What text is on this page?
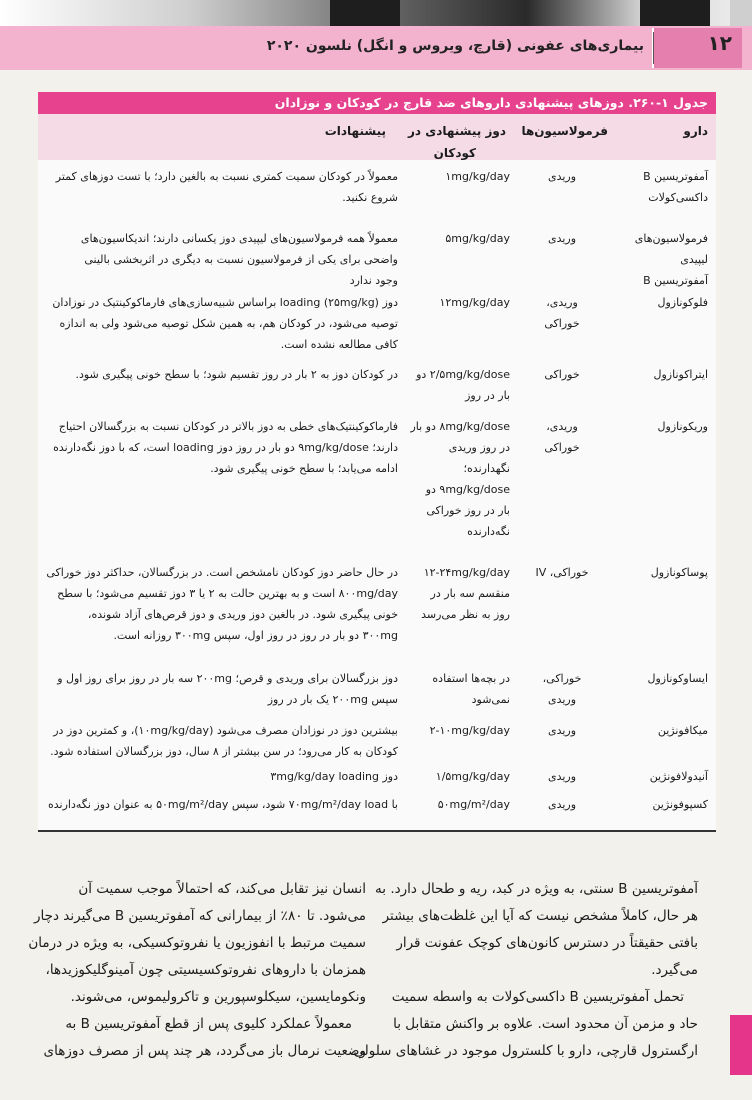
۱۲
بیماری‌های عفونی (قارچ، ویروس و انگل) نلسون ۲۰۲۰
جدول ۱-۲۶۰. دوزهای پیشنهادی داروهای ضد قارچ در کودکان و نوزادان
دارو
فرمولاسیون‌ها
دوز پیشنهادی در
کودکان
پیشنهادات
آمفوتریسین B
داکسی‌کولات
وریدی
۱mg/kg/day
معمولاً در کودکان سمیت کمتری نسبت به بالغین دارد؛ با تست دوزهای کمتر
شروع نکنید.
فرمولاسیون‌های
لیپیدی
آمفوتریسین B
وریدی
۵mg/kg/day
معمولاً همه فرمولاسیون‌های لیپیدی دوز یکسانی دارند؛ اندیکاسیون‌های
واضحی برای یکی از فرمولاسیون نسبت به دیگری در اثربخشی بالینی
وجود ندارد
فلوکونازول
وریدی،
خوراکی
۱۲mg/kg/day
دوز loading (۲۵mg/kg) براساس شبیه‌سازی‌های فارماکوکینتیک در نوزادان
توصیه می‌شود، در کودکان هم، به همین شکل توصیه می‌شود ولی به اندازه
کافی مطالعه نشده است.
ایتراکونازول
خوراکی
۲/۵mg/kg/dose دو
بار در روز
در کودکان دوز به ۲ بار در روز تقسیم شود؛ با سطح خونی پیگیری شود.
وریکونازول
وریدی،
خوراکی
۸mg/kg/dose دو بار
در روز وریدی
نگهدارنده؛
۹mg/kg/dose دو
بار در روز خوراکی
نگه‌دارنده
فارماکوکینتیک‌های خطی به دوز بالاتر در کودکان نسبت به بزرگسالان احتیاج
دارند؛ ۹mg/kg/dose دو بار در روز دوز loading است، که با دوز نگه‌دارنده
ادامه می‌یابد؛ با سطح خونی پیگیری شود.
پوساکونازول
خوراکی، IV
۱۲-۲۴mg/kg/day
منقسم سه بار در
روز به نظر می‌رسد
در حال حاضر دوز کودکان نامشخص است. در بزرگسالان، حداکثر دوز خوراکی
۸۰۰mg/day است و به بهترین حالت به ۲ یا ۳ دوز تقسیم می‌شود؛ با سطح
خونی پیگیری شود. در بالغین دوز وریدی و دوز قرص‌های آزاد شونده،
۳۰۰mg دو بار در روز در روز اول، سپس ۳۰۰mg روزانه است.
ایساوکونازول
خوراکی،
وریدی
در بچه‌ها استفاده
نمی‌شود
دوز بزرگسالان برای وریدی و قرص؛ ۲۰۰mg سه بار در روز برای روز اول و
سپس ۲۰۰mg یک بار در روز
میکافونژین
وریدی
۲-۱۰mg/kg/day
بیشترین دوز در نوزادان مصرف می‌شود (۱۰mg/kg/day)، و کمترین دوز در
کودکان به کار می‌رود؛ در سن بیشتر از ۸ سال، دوز بزرگسالان استفاده شود.
آنیدولافونژین
وریدی
۱/۵mg/kg/day
دوز ۳mg/kg/day loading
کسپوفونژین
وریدی
۵۰mg/m²/day
با ۷۰mg/m²/day load شود، سپس ۵۰mg/m²/day به عنوان دوز نگه‌دارنده
آمفوتریسین B سنتی، به ویژه در کبد، ریه و طحال دارد. به
هر حال، کاملاً مشخص نیست که آیا این غلظت‌های بیشتر
بافتی حقیقتاً در دسترس کانون‌های کوچک عفونت قرار
می‌گیرد.
تحمل آمفوتریسین B داکسی‌کولات به واسطه سمیت
حاد و مزمن آن محدود است. علاوه بر واکنش متقابل با
ارگسترول قارچی، دارو با کلسترول موجود در غشاهای سلولی
انسان نیز تقابل می‌کند، که احتمالاً موجب سمیت آن
می‌شود. تا ۸۰٪ از بیمارانی که آمفوتریسین B می‌گیرند دچار
سمیت مرتبط با انفوزیون یا نفروتوکسیکی، به ویژه در درمان
همزمان با داروهای نفروتوکسیسیتی چون آمینوگلیکوزیدها،
ونکومایسین، سیکلوسپورین و تاکرولیموس، می‌شوند.
معمولاً عملکرد کلیوی پس از قطع آمفوتریسین B به
وضعیت نرمال باز می‌گردد، هر چند پس از مصرف دوزهای
